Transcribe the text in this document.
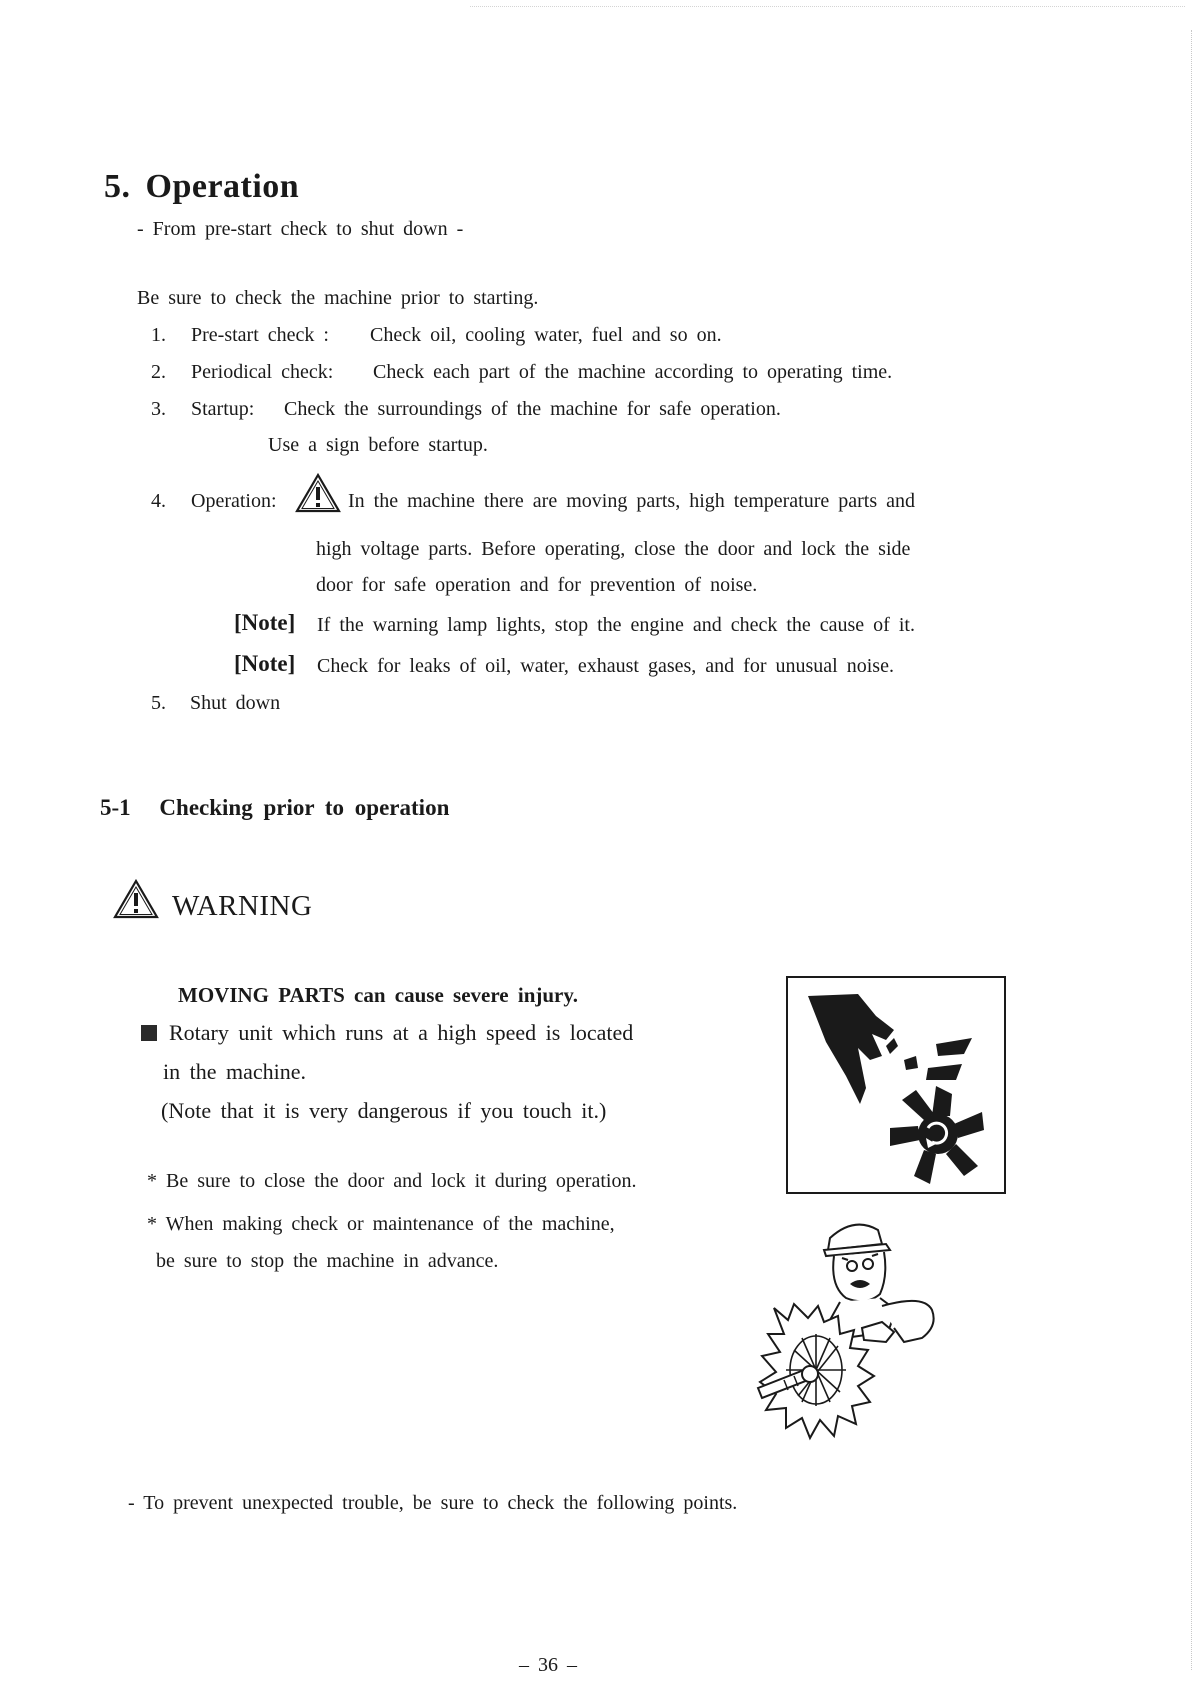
5. Operation
- From pre-start check to shut down -
Be sure to check the machine prior to starting.
1. Pre-start check : Check oil, cooling water, fuel and so on.
2. Periodical check: Check each part of the machine according to operating time.
3. Startup: Check the surroundings of the machine for safe operation.
Use a sign before startup.
4. Operation:	In the machine there are moving parts, high temperature parts and
high voltage parts. Before operating, close the door and lock the side
door for safe operation and for prevention of noise.
[Note] If the warning lamp lights, stop the engine and check the cause of it.
[Note] Check for leaks of oil, water, exhaust gases, and for unusual noise.
5. Shut down
5-1 Checking prior to operation
WARNING
MOVING PARTS can cause severe injury.
Rotary unit which runs at a high speed is located
in the machine.
(Note that it is very dangerous if you touch it.)
* Be sure to close the door and lock it during operation.
* When making check or maintenance of the machine,
be sure to stop the machine in advance.
- To prevent unexpected trouble, be sure to check the following points.
– 36 –
